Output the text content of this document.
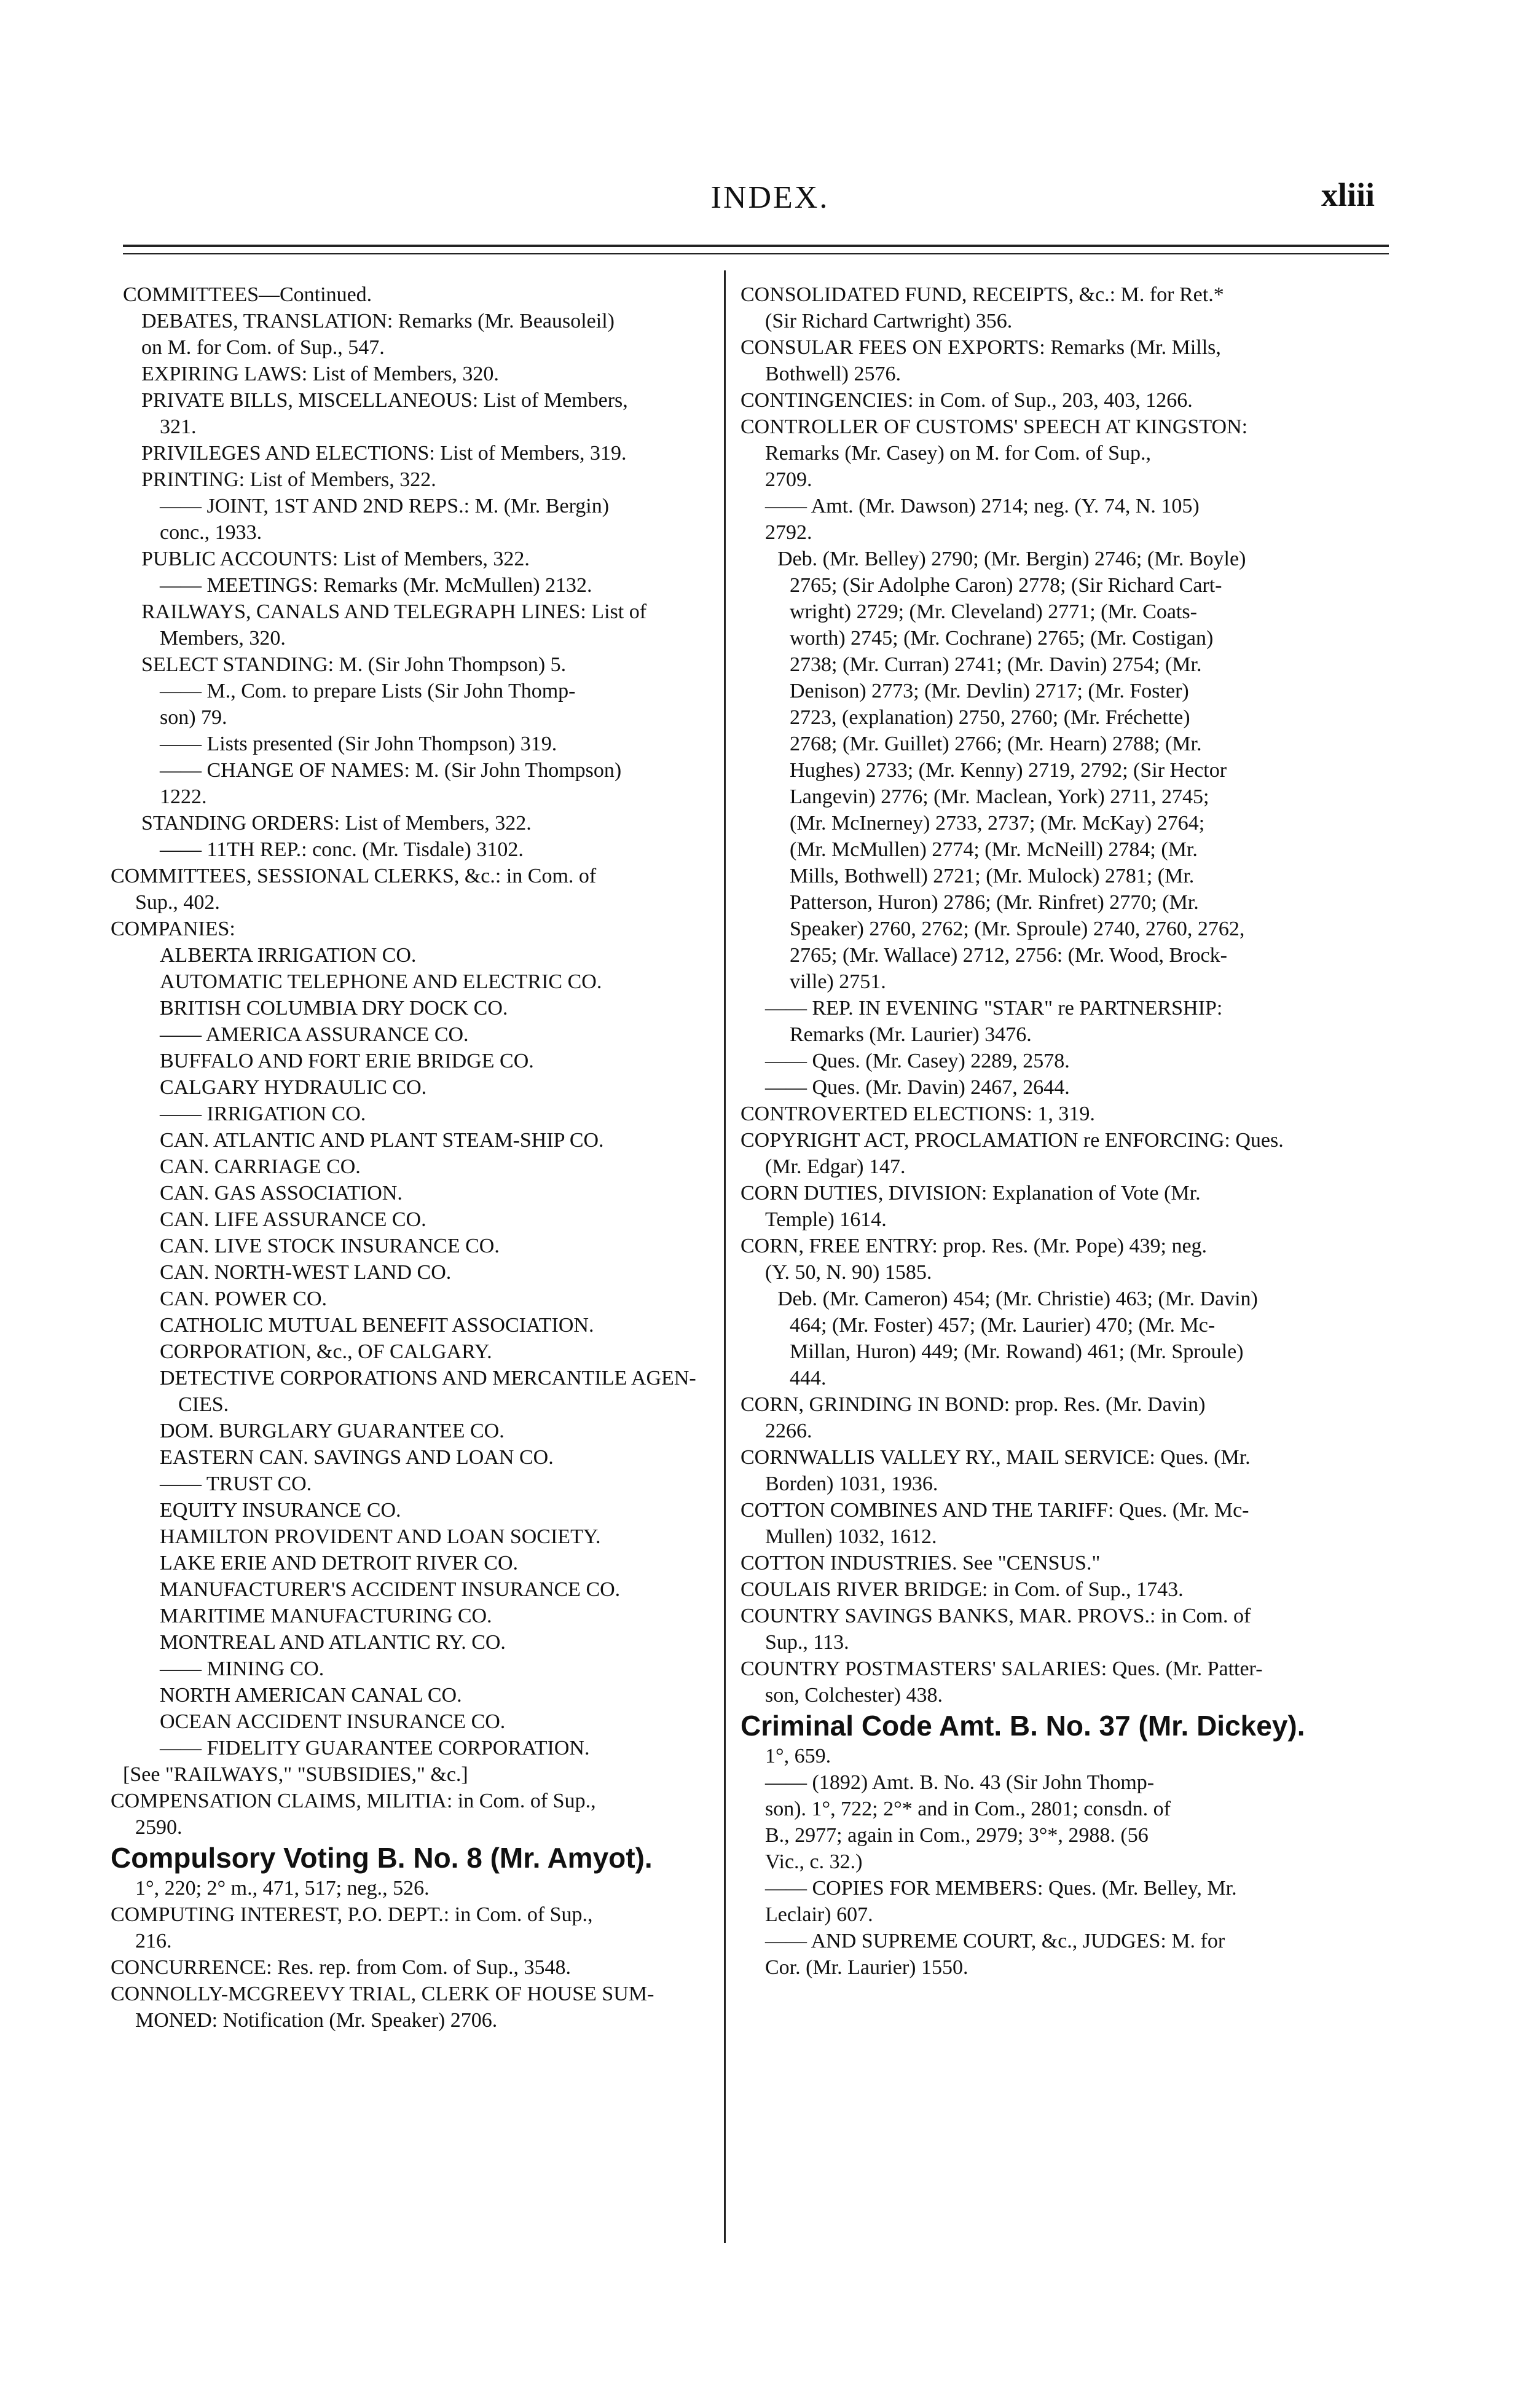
INDEX.	xliii
COMMITTEES—Continued.
DEBATES, TRANSLATION: Remarks (Mr. Beausoleil)
on M. for Com. of Sup., 547.
EXPIRING LAWS: List of Members, 320.
PRIVATE BILLS, MISCELLANEOUS: List of Members,
321.
PRIVILEGES AND ELECTIONS: List of Members, 319.
PRINTING: List of Members, 322.
—— JOINT, 1ST AND 2ND REPS.: M. (Mr. Bergin)
conc., 1933.
PUBLIC ACCOUNTS: List of Members, 322.
—— MEETINGS: Remarks (Mr. McMullen) 2132.
RAILWAYS, CANALS AND TELEGRAPH LINES: List of
Members, 320.
SELECT STANDING: M. (Sir John Thompson) 5.
—— M., Com. to prepare Lists (Sir John Thomp-
son) 79.
—— Lists presented (Sir John Thompson) 319.
—— CHANGE OF NAMES: M. (Sir John Thompson)
1222.
STANDING ORDERS: List of Members, 322.
—— 11TH REP.: conc. (Mr. Tisdale) 3102.
COMMITTEES, SESSIONAL CLERKS, &c.: in Com. of
Sup., 402.
COMPANIES:
ALBERTA IRRIGATION CO.
AUTOMATIC TELEPHONE AND ELECTRIC CO.
BRITISH COLUMBIA DRY DOCK CO.
—— AMERICA ASSURANCE CO.
BUFFALO AND FORT ERIE BRIDGE CO.
CALGARY HYDRAULIC CO.
—— IRRIGATION CO.
CAN. ATLANTIC AND PLANT STEAM-SHIP CO.
CAN. CARRIAGE CO.
CAN. GAS ASSOCIATION.
CAN. LIFE ASSURANCE CO.
CAN. LIVE STOCK INSURANCE CO.
CAN. NORTH-WEST LAND CO.
CAN. POWER CO.
CATHOLIC MUTUAL BENEFIT ASSOCIATION.
CORPORATION, &c., OF CALGARY.
DETECTIVE CORPORATIONS AND MERCANTILE AGEN-
CIES.
DOM. BURGLARY GUARANTEE CO.
EASTERN CAN. SAVINGS AND LOAN CO.
—— TRUST CO.
EQUITY INSURANCE CO.
HAMILTON PROVIDENT AND LOAN SOCIETY.
LAKE ERIE AND DETROIT RIVER CO.
MANUFACTURER'S ACCIDENT INSURANCE CO.
MARITIME MANUFACTURING CO.
MONTREAL AND ATLANTIC RY. CO.
—— MINING CO.
NORTH AMERICAN CANAL CO.
OCEAN ACCIDENT INSURANCE CO.
—— FIDELITY GUARANTEE CORPORATION.
[See "RAILWAYS," "SUBSIDIES," &c.]
COMPENSATION CLAIMS, MILITIA: in Com. of Sup.,
2590.
Compulsory Voting B. No. 8 (Mr. Amyot).
1°, 220; 2° m., 471, 517; neg., 526.
COMPUTING INTEREST, P.O. DEPT.: in Com. of Sup.,
216.
CONCURRENCE: Res. rep. from Com. of Sup., 3548.
CONNOLLY-MCGREEVY TRIAL, CLERK OF HOUSE SUM-
MONED: Notification (Mr. Speaker) 2706.
CONSOLIDATED FUND, RECEIPTS, &c.: M. for Ret.*
(Sir Richard Cartwright) 356.
CONSULAR FEES ON EXPORTS: Remarks (Mr. Mills,
Bothwell) 2576.
CONTINGENCIES: in Com. of Sup., 203, 403, 1266.
CONTROLLER OF CUSTOMS' SPEECH AT KINGSTON:
Remarks (Mr. Casey) on M. for Com. of Sup.,
2709.
—— Amt. (Mr. Dawson) 2714; neg. (Y. 74, N. 105)
2792.
Deb. (Mr. Belley) 2790; (Mr. Bergin) 2746; (Mr. Boyle)
2765; (Sir Adolphe Caron) 2778; (Sir Richard Cart-
wright) 2729; (Mr. Cleveland) 2771; (Mr. Coats-
worth) 2745; (Mr. Cochrane) 2765; (Mr. Costigan)
2738; (Mr. Curran) 2741; (Mr. Davin) 2754; (Mr.
Denison) 2773; (Mr. Devlin) 2717; (Mr. Foster)
2723, (explanation) 2750, 2760; (Mr. Fréchette)
2768; (Mr. Guillet) 2766; (Mr. Hearn) 2788; (Mr.
Hughes) 2733; (Mr. Kenny) 2719, 2792; (Sir Hector
Langevin) 2776; (Mr. Maclean, York) 2711, 2745;
(Mr. McInerney) 2733, 2737; (Mr. McKay) 2764;
(Mr. McMullen) 2774; (Mr. McNeill) 2784; (Mr.
Mills, Bothwell) 2721; (Mr. Mulock) 2781; (Mr.
Patterson, Huron) 2786; (Mr. Rinfret) 2770; (Mr.
Speaker) 2760, 2762; (Mr. Sproule) 2740, 2760, 2762,
2765; (Mr. Wallace) 2712, 2756: (Mr. Wood, Brock-
ville) 2751.
—— REP. IN EVENING "STAR" re PARTNERSHIP:
Remarks (Mr. Laurier) 3476.
—— Ques. (Mr. Casey) 2289, 2578.
—— Ques. (Mr. Davin) 2467, 2644.
CONTROVERTED ELECTIONS: 1, 319.
COPYRIGHT ACT, PROCLAMATION re ENFORCING: Ques.
(Mr. Edgar) 147.
CORN DUTIES, DIVISION: Explanation of Vote (Mr.
Temple) 1614.
CORN, FREE ENTRY: prop. Res. (Mr. Pope) 439; neg.
(Y. 50, N. 90) 1585.
Deb. (Mr. Cameron) 454; (Mr. Christie) 463; (Mr. Davin)
464; (Mr. Foster) 457; (Mr. Laurier) 470; (Mr. Mc-
Millan, Huron) 449; (Mr. Rowand) 461; (Mr. Sproule)
444.
CORN, GRINDING IN BOND: prop. Res. (Mr. Davin)
2266.
CORNWALLIS VALLEY RY., MAIL SERVICE: Ques. (Mr.
Borden) 1031, 1936.
COTTON COMBINES AND THE TARIFF: Ques. (Mr. Mc-
Mullen) 1032, 1612.
COTTON INDUSTRIES. See "CENSUS."
COULAIS RIVER BRIDGE: in Com. of Sup., 1743.
COUNTRY SAVINGS BANKS, MAR. PROVS.: in Com. of
Sup., 113.
COUNTRY POSTMASTERS' SALARIES: Ques. (Mr. Patter-
son, Colchester) 438.
Criminal Code Amt. B. No. 37 (Mr. Dickey).
1°, 659.
—— (1892) Amt. B. No. 43 (Sir John Thomp-
son). 1°, 722; 2°* and in Com., 2801; consdn. of
B., 2977; again in Com., 2979; 3°*, 2988. (56
Vic., c. 32.)
—— COPIES FOR MEMBERS: Ques. (Mr. Belley, Mr.
Leclair) 607.
—— AND SUPREME COURT, &c., JUDGES: M. for
Cor. (Mr. Laurier) 1550.
